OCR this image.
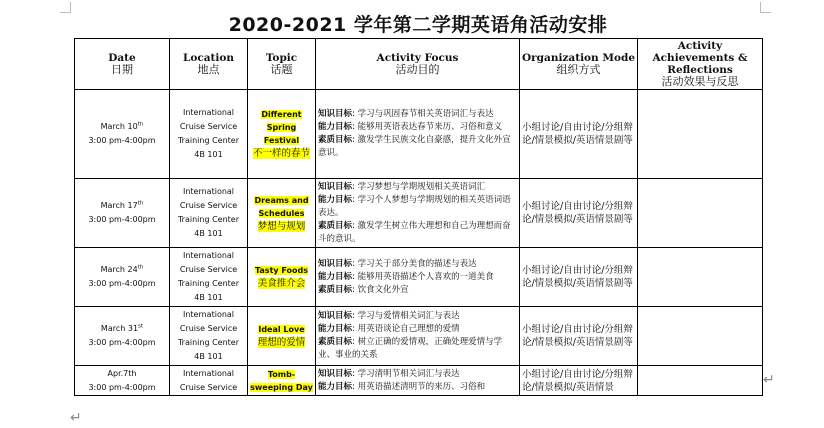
2020-2021 学年第二学期英语角活动安排
Date
日期	Location
地点	Topic
话题	Activity Focus
活动目的	Organization Mode
组织方式	Activity Achievements & Reflections
活动效果与反思

March 10th
3:00 pm-4:00pm	International
Cruise Service
Training Center
4B 101	Different Spring Festival
不一样的春节	知识目标: 学习与巩固春节相关英语词汇与表达
能力目标: 能够用英语表达春节来历、习俗和意义
素质目标: 激发学生民族文化自豪感，提升文化外宣意识。	小组讨论/自由讨论/分组辩论/情景模拟/英语情景剧等	
March 17th
3:00 pm-4:00pm	International
Cruise Service
Training Center
4B 101	Dreams and Schedules
梦想与规划	知识目标: 学习梦想与学期规划相关英语词汇
能力目标: 学习个人梦想与学期规划的相关英语词语表达。
素质目标: 激发学生树立伟大理想和自己为理想而奋斗的意识。	小组讨论/自由讨论/分组辩论/情景模拟/英语情景剧等	
March 24th
3:00 pm-4:00pm	International
Cruise Service
Training Center
4B 101	Tasty Foods
美食推介会	知识目标: 学习关于部分美食的描述与表达
能力目标: 能够用英语描述个人喜欢的一道美食
素质目标: 饮食文化外宣	小组讨论/自由讨论/分组辩论/情景模拟/英语情景剧等	
March 31st
3:00 pm-4:00pm	International
Cruise Service
Training Center
4B 101	Ideal Love
理想的爱情	知识目标: 学习与爱情相关词汇与表达
能力目标: 用英语谈论自己理想的爱情
素质目标: 树立正确的爱情观，正确处理爱情与学业、事业的关系	小组讨论/自由讨论/分组辩论/情景模拟/英语情景剧等	

Apr.7th
3:00 pm-4:00pm	International
Cruise Service	Tomb-sweeping Day	知识目标: 学习清明节相关词汇与表达
能力目标: 用英语描述清明节的来历、习俗和	小组讨论/自由讨论/分组辩论/情景模拟/英语情景	
		↵
↵
